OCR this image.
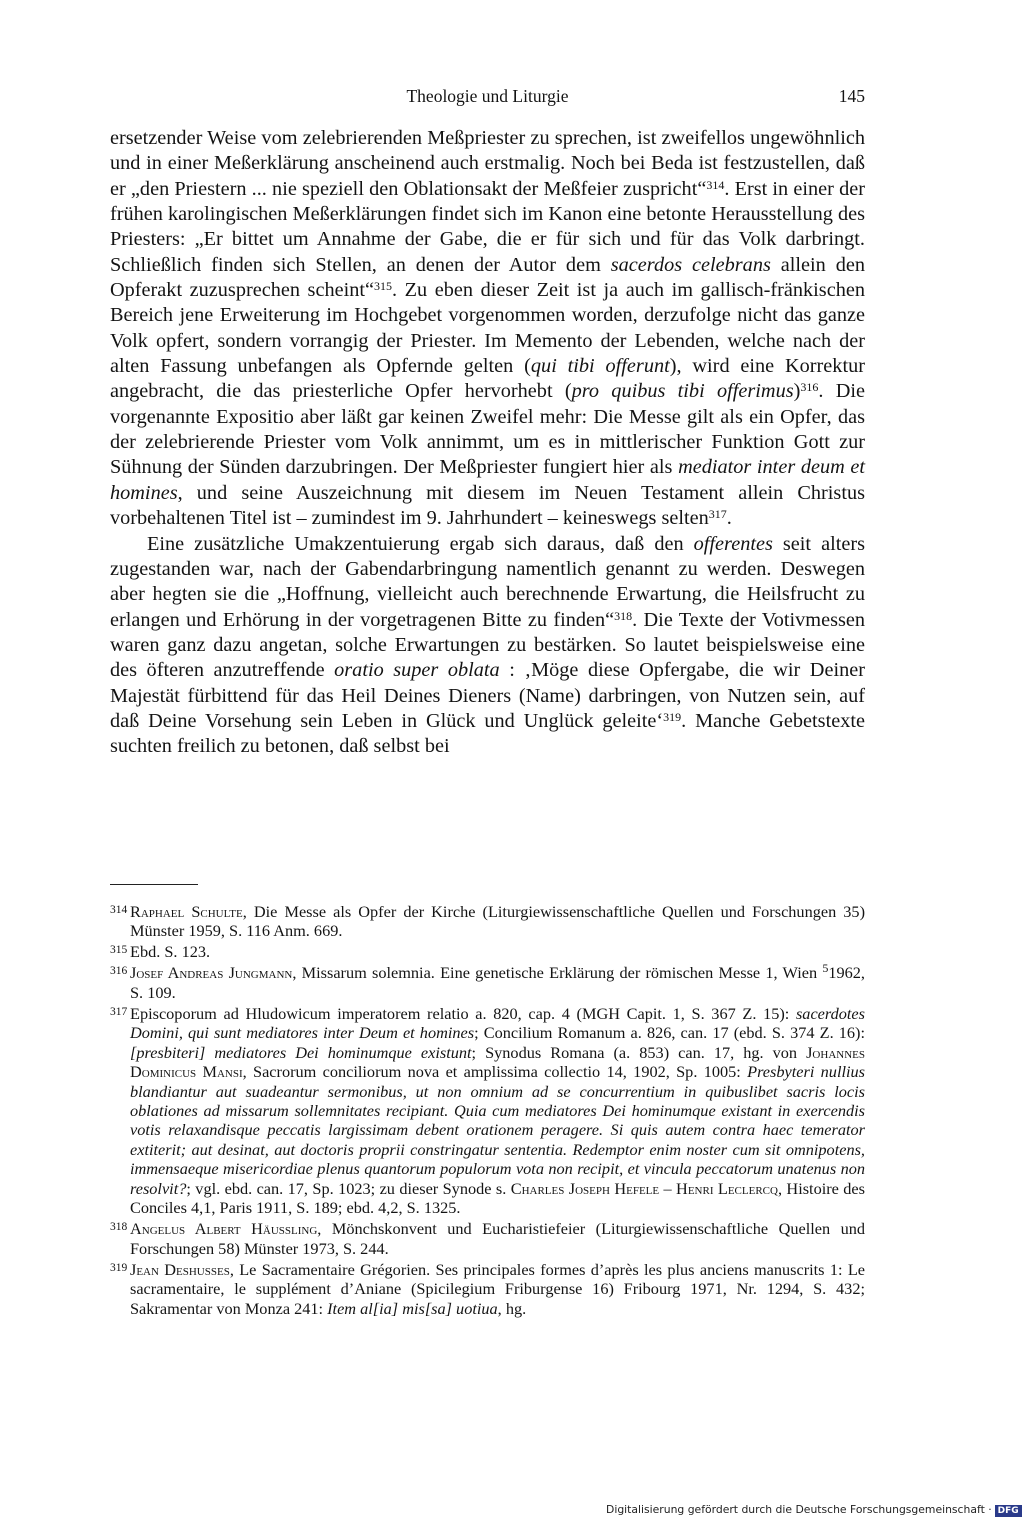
Theologie und Liturgie	145

ersetzender Weise vom zelebrierenden Meßpriester zu sprechen, ist zweifellos ungewöhnlich und in einer Meßerklärung anscheinend auch erstmalig. Noch bei Beda ist festzustellen, daß er „den Priestern ... nie speziell den Oblationsakt der Meßfeier zuspricht“$^{314}$. Erst in einer der frühen karolingischen Meßerklärungen findet sich im Kanon eine betonte Herausstellung des Priesters: „Er bittet um Annahme der Gabe, die er für sich und für das Volk darbringt. Schließlich finden sich Stellen, an denen der Autor dem sacerdos celebrans allein den Opferakt zuzusprechen scheint“$^{315}$. Zu eben dieser Zeit ist ja auch im gallisch-fränkischen Bereich jene Erweiterung im Hochgebet vorgenommen worden, derzufolge nicht das ganze Volk opfert, sondern vorrangig der Priester. Im Memento der Lebenden, welche nach der alten Fassung unbefangen als Opfernde gelten (qui tibi offerunt), wird eine Korrektur angebracht, die das priesterliche Opfer hervorhebt (pro quibus tibi offerimus)$^{316}$. Die vorgenannte Expositio aber läßt gar keinen Zweifel mehr: Die Messe gilt als ein Opfer, das der zelebrierende Priester vom Volk annimmt, um es in mittlerischer Funktion Gott zur Sühnung der Sünden darzubringen. Der Meßpriester fungiert hier als mediator inter deum et homines, und seine Auszeichnung mit diesem im Neuen Testament allein Christus vorbehaltenen Titel ist – zumindest im 9. Jahrhundert – keineswegs selten$^{317}$.

Eine zusätzliche Umakzentuierung ergab sich daraus, daß den offerentes seit alters zugestanden war, nach der Gabendarbringung namentlich genannt zu werden. Deswegen aber hegten sie die „Hoffnung, vielleicht auch berechnende Erwartung, die Heilsfrucht zu erlangen und Erhörung in der vorgetragenen Bitte zu finden“$^{318}$. Die Texte der Votivmessen waren ganz dazu angetan, solche Erwartungen zu bestärken. So lautet beispielsweise eine des öfteren anzutreffende oratio super oblata : ‚Möge diese Opfergabe, die wir Deiner Majestät fürbittend für das Heil Deines Dieners (Name) darbringen, von Nutzen sein, auf daß Deine Vorsehung sein Leben in Glück und Unglück geleite‘$^{319}$. Manche Gebetstexte suchten freilich zu betonen, daß selbst bei

314 Raphael Schulte, Die Messe als Opfer der Kirche (Liturgiewissenschaftliche Quellen und Forschungen 35) Münster 1959, S. 116 Anm. 669.
315 Ebd. S. 123.
316 Josef Andreas Jungmann, Missarum solemnia. Eine genetische Erklärung der römischen Messe 1, Wien $^5$1962, S. 109.
317 Episcoporum ad Hludowicum imperatorem relatio a. 820, cap. 4 (MGH Capit. 1, S. 367 Z. 15): sacerdotes Domini, qui sunt mediatores inter Deum et homines; Concilium Romanum a. 826, can. 17 (ebd. S. 374 Z. 16): [presbiteri] mediatores Dei hominumque existunt; Synodus Romana (a. 853) can. 17, hg. von Johannes Dominicus Mansi, Sacrorum conciliorum nova et amplissima collectio 14, 1902, Sp. 1005: Presbyteri nullius blandiantur aut suadeantur sermonibus, ut non omnium ad se concurrentium in quibuslibet sacris locis oblationes ad missarum sollemnitates recipiant. Quia cum mediatores Dei hominumque existant in exercendis votis relaxandisque peccatis largissimam debent orationem peragere. Si quis autem contra haec temerator extiterit; aut desinat, aut doctoris proprii constringatur sententia. Redemptor enim noster cum sit omnipotens, immensaeque misericordiae plenus quantorum populorum vota non recipit, et vincula peccatorum unatenus non resolvit?; vgl. ebd. can. 17, Sp. 1023; zu dieser Synode s. Charles Joseph Hefele – Henri Leclercq, Histoire des Conciles 4,1, Paris 1911, S. 189; ebd. 4,2, S. 1325.
318 Angelus Albert Häussling, Mönchskonvent und Eucharistiefeier (Liturgiewissenschaftliche Quellen und Forschungen 58) Münster 1973, S. 244.
319 Jean Deshusses, Le Sacramentaire Grégorien. Ses principales formes d’après les plus anciens manuscrits 1: Le sacramentaire, le supplément d’Aniane (Spicilegium Friburgense 16) Fribourg 1971, Nr. 1294, S. 432; Sakramentar von Monza 241: Item al[ia] mis[sa] uotiua, hg.
Digitalisierung gefördert durch die Deutsche Forschungsgemeinschaft · DFG
